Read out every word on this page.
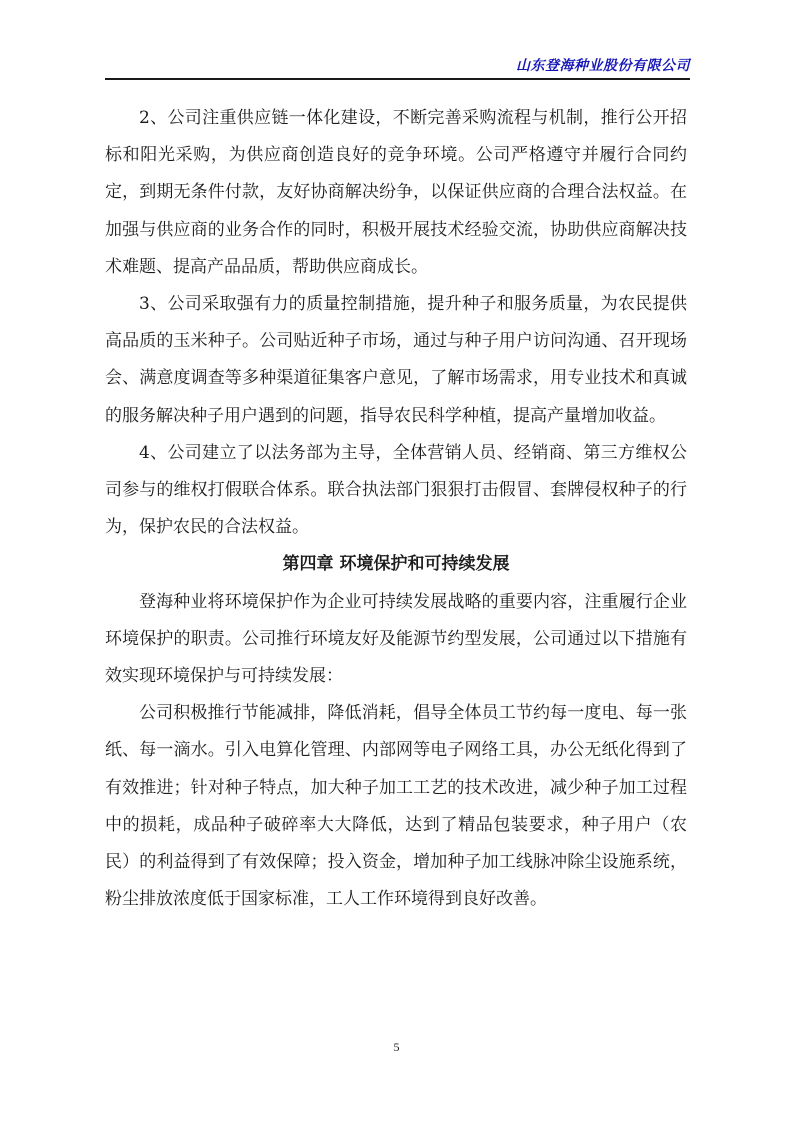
山东登海种业股份有限公司

2、公司注重供应链一体化建设，不断完善采购流程与机制，推行公开招标和阳光采购，为供应商创造良好的竞争环境。公司严格遵守并履行合同约定，到期无条件付款，友好协商解决纷争，以保证供应商的合理合法权益。在加强与供应商的业务合作的同时，积极开展技术经验交流，协助供应商解决技术难题、提高产品品质，帮助供应商成长。

3、公司采取强有力的质量控制措施，提升种子和服务质量，为农民提供高品质的玉米种子。公司贴近种子市场，通过与种子用户访问沟通、召开现场会、满意度调查等多种渠道征集客户意见，了解市场需求，用专业技术和真诚的服务解决种子用户遇到的问题，指导农民科学种植，提高产量增加收益。

4、公司建立了以法务部为主导，全体营销人员、经销商、第三方维权公司参与的维权打假联合体系。联合执法部门狠狠打击假冒、套牌侵权种子的行为，保护农民的合法权益。

第四章 环境保护和可持续发展

登海种业将环境保护作为企业可持续发展战略的重要内容，注重履行企业环境保护的职责。公司推行环境友好及能源节约型发展，公司通过以下措施有效实现环境保护与可持续发展：

公司积极推行节能减排，降低消耗，倡导全体员工节约每一度电、每一张纸、每一滴水。引入电算化管理、内部网等电子网络工具，办公无纸化得到了有效推进；针对种子特点，加大种子加工工艺的技术改进，减少种子加工过程中的损耗，成品种子破碎率大大降低，达到了精品包装要求，种子用户（农民）的利益得到了有效保障；投入资金，增加种子加工线脉冲除尘设施系统，粉尘排放浓度低于国家标准，工人工作环境得到良好改善。

5
